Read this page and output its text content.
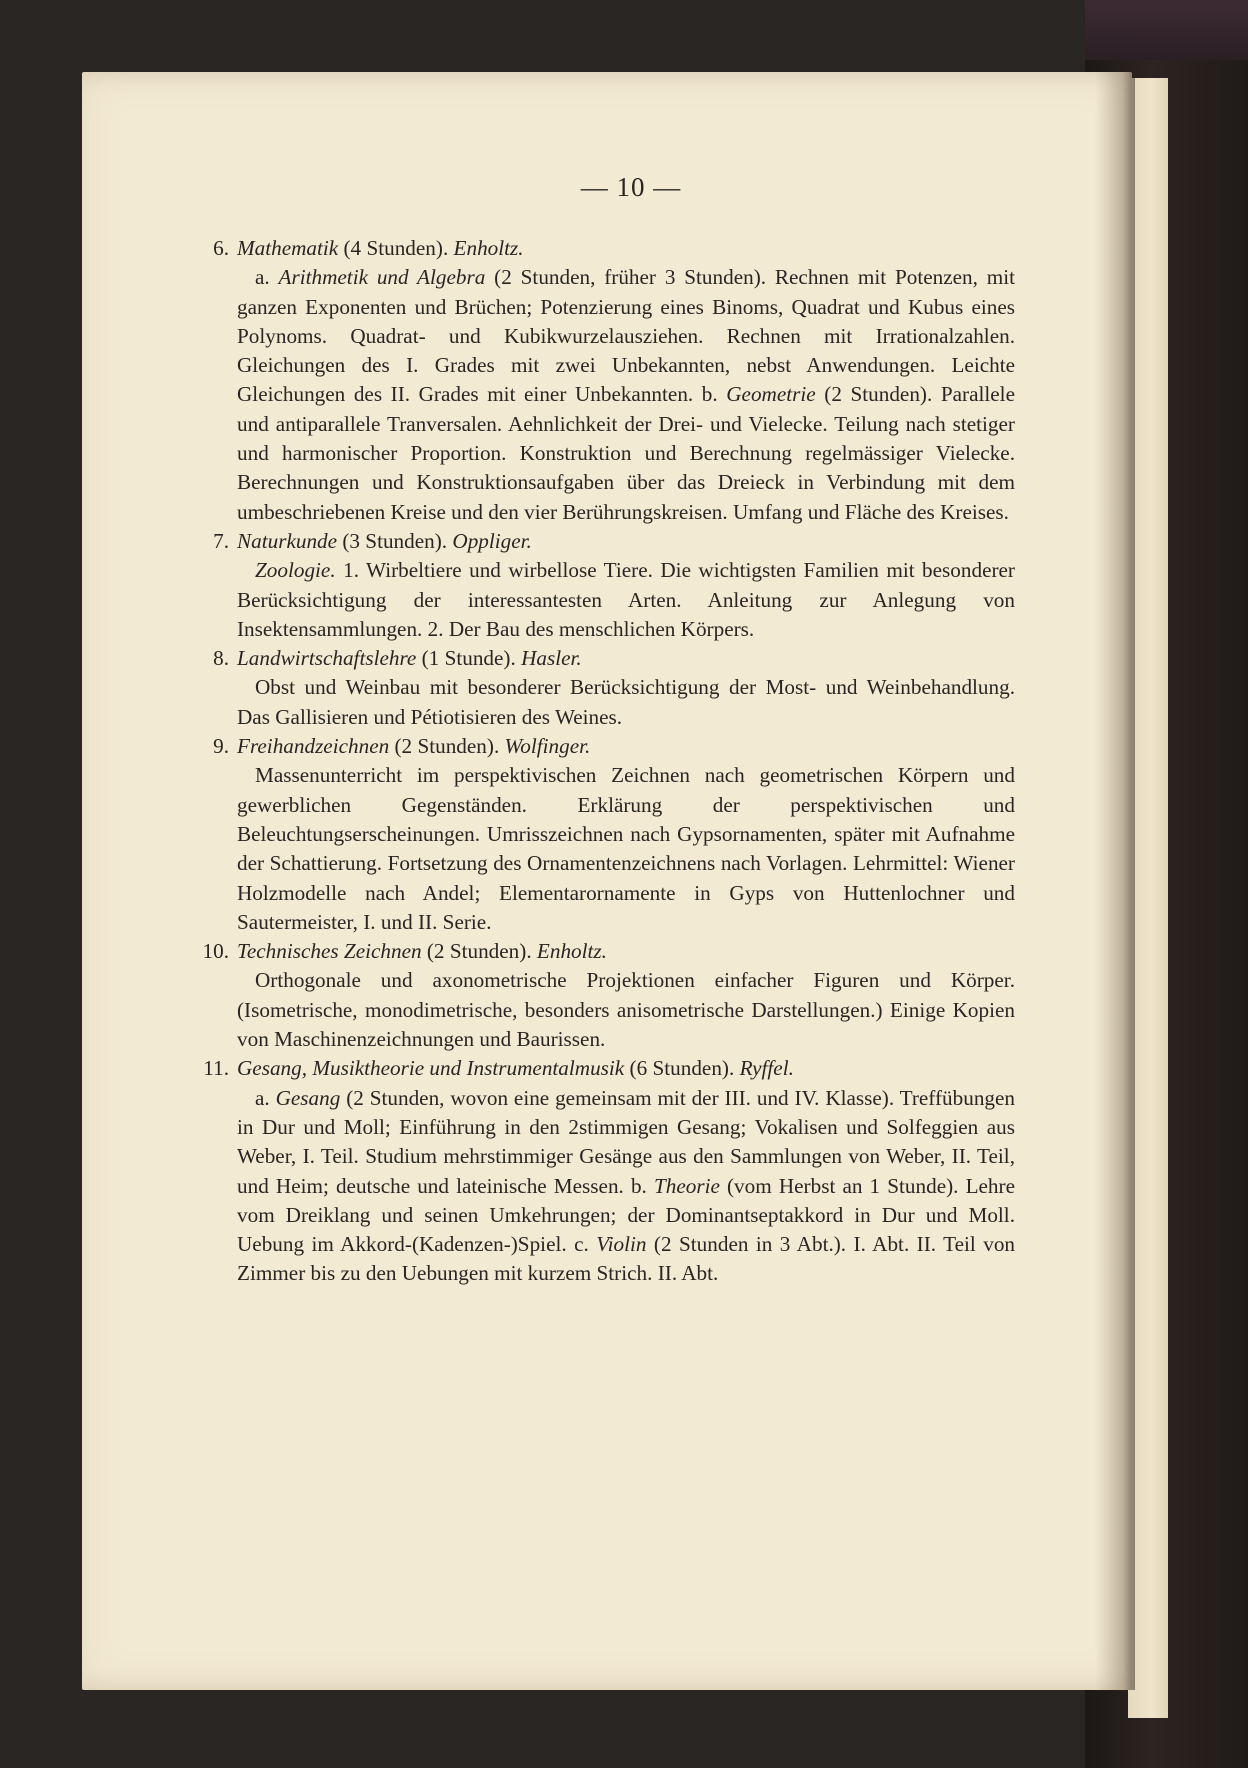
— 10 —

6. Mathematik (4 Stunden). Enholtz.

a. Arithmetik und Algebra (2 Stunden, früher 3 Stunden). Rechnen mit Potenzen, mit ganzen Exponenten und Brüchen; Potenzierung eines Binoms, Quadrat und Kubus eines Polynoms. Quadrat- und Kubikwurzelausziehen. Rechnen mit Irrationalzahlen. Gleichungen des I. Grades mit zwei Unbekannten, nebst Anwendungen. Leichte Gleichungen des II. Grades mit einer Unbekannten. b. Geometrie (2 Stunden). Parallele und antiparallele Tranversalen. Aehnlichkeit der Drei- und Vielecke. Teilung nach stetiger und harmonischer Proportion. Konstruktion und Berechnung regelmässiger Vielecke. Berechnungen und Konstruktionsaufgaben über das Dreieck in Verbindung mit dem umbeschriebenen Kreise und den vier Berührungskreisen. Umfang und Fläche des Kreises.

7. Naturkunde (3 Stunden). Oppliger.

Zoologie. 1. Wirbeltiere und wirbellose Tiere. Die wichtigsten Familien mit besonderer Berücksichtigung der interessantesten Arten. Anleitung zur Anlegung von Insektensammlungen. 2. Der Bau des menschlichen Körpers.

8. Landwirtschaftslehre (1 Stunde). Hasler.

Obst und Weinbau mit besonderer Berücksichtigung der Most- und Weinbehandlung. Das Gallisieren und Pétiotisieren des Weines.

9. Freihandzeichnen (2 Stunden). Wolfinger.

Massenunterricht im perspektivischen Zeichnen nach geometrischen Körpern und gewerblichen Gegenständen. Erklärung der perspektivischen und Beleuchtungserscheinungen. Umrisszeichnen nach Gypsornamenten, später mit Aufnahme der Schattierung. Fortsetzung des Ornamentenzeichnens nach Vorlagen. Lehrmittel: Wiener Holzmodelle nach Andel; Elementarornamente in Gyps von Huttenlochner und Sautermeister, I. und II. Serie.

10. Technisches Zeichnen (2 Stunden). Enholtz.

Orthogonale und axonometrische Projektionen einfacher Figuren und Körper. (Isometrische, monodimetrische, besonders anisometrische Darstellungen.) Einige Kopien von Maschinenzeichnungen und Baurissen.

11. Gesang, Musiktheorie und Instrumentalmusik (6 Stunden). Ryffel.

a. Gesang (2 Stunden, wovon eine gemeinsam mit der III. und IV. Klasse). Treffübungen in Dur und Moll; Einführung in den 2stimmigen Gesang; Vokalisen und Solfeggien aus Weber, I. Teil. Studium mehrstimmiger Gesänge aus den Sammlungen von Weber, II. Teil, und Heim; deutsche und lateinische Messen. b. Theorie (vom Herbst an 1 Stunde). Lehre vom Dreiklang und seinen Umkehrungen; der Dominantseptakkord in Dur und Moll. Uebung im Akkord-(Kadenzen-)Spiel. c. Violin (2 Stunden in 3 Abt.). I. Abt. II. Teil von Zimmer bis zu den Uebungen mit kurzem Strich. II. Abt.
